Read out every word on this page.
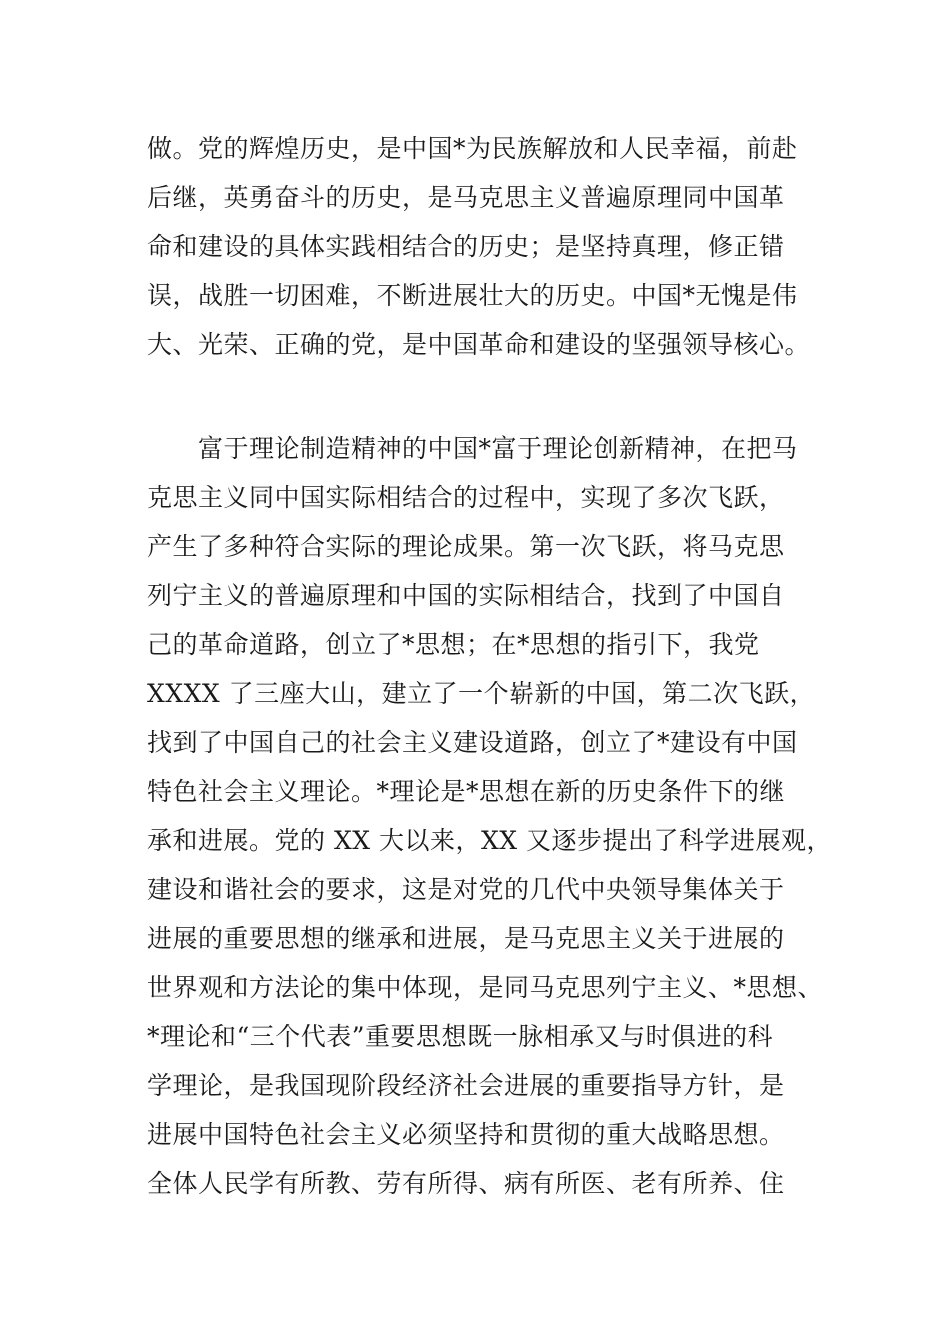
做。党的辉煌历史，是中国*为民族解放和人民幸福，前赴
后继，英勇奋斗的历史，是马克思主义普遍原理同中国革
命和建设的具体实践相结合的历史；是坚持真理，修正错
误，战胜一切困难，不断进展壮大的历史。中国*无愧是伟
大、光荣、正确的党，是中国革命和建设的坚强领导核心。
富于理论制造精神的中国*富于理论创新精神，在把马
克思主义同中国实际相结合的过程中，实现了多次飞跃，
产生了多种符合实际的理论成果。第一次飞跃，将马克思
列宁主义的普遍原理和中国的实际相结合，找到了中国自
己的革命道路，创立了*思想；在*思想的指引下，我党
XXXX 了三座大山，建立了一个崭新的中国，第二次飞跃，
找到了中国自己的社会主义建设道路，创立了*建设有中国
特色社会主义理论。*理论是*思想在新的历史条件下的继
承和进展。党的 XX 大以来，XX 又逐步提出了科学进展观，
建设和谐社会的要求，这是对党的几代中央领导集体关于
进展的重要思想的继承和进展，是马克思主义关于进展的
世界观和方法论的集中体现，是同马克思列宁主义、*思想、
*理论和“三个代表”重要思想既一脉相承又与时俱进的科
学理论，是我国现阶段经济社会进展的重要指导方针，是
进展中国特色社会主义必须坚持和贯彻的重大战略思想。
全体人民学有所教、劳有所得、病有所医、老有所养、住
